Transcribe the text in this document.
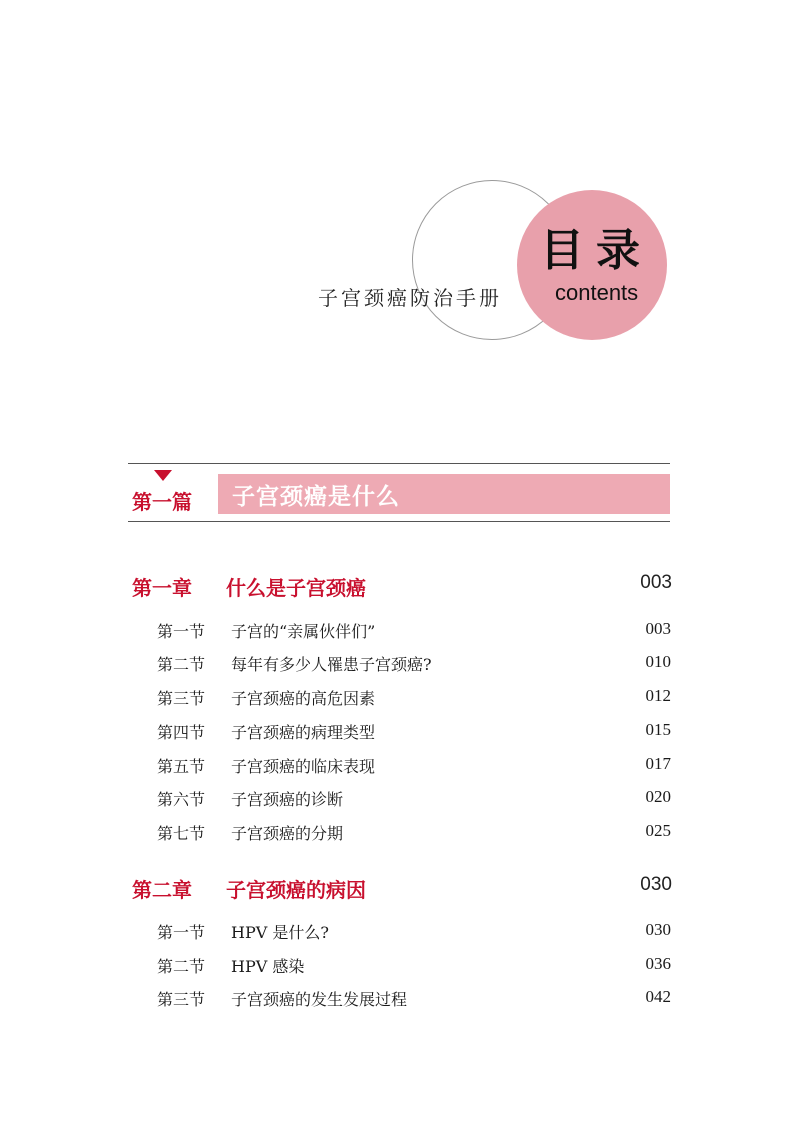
目录
contents
子宫颈癌防治手册
第一篇 子宫颈癌是什么
第一章 什么是子宫颈癌	003
第一节 子宫的“亲属伙伴们”	003
第二节 每年有多少人罹患子宫颈癌?	010
第三节 子宫颈癌的高危因素	012
第四节 子宫颈癌的病理类型	015
第五节 子宫颈癌的临床表现	017
第六节 子宫颈癌的诊断	020
第七节 子宫颈癌的分期	025
第二章 子宫颈癌的病因	030
第一节 HPV 是什么?	030
第二节 HPV 感染	036
第三节 子宫颈癌的发生发展过程	042
